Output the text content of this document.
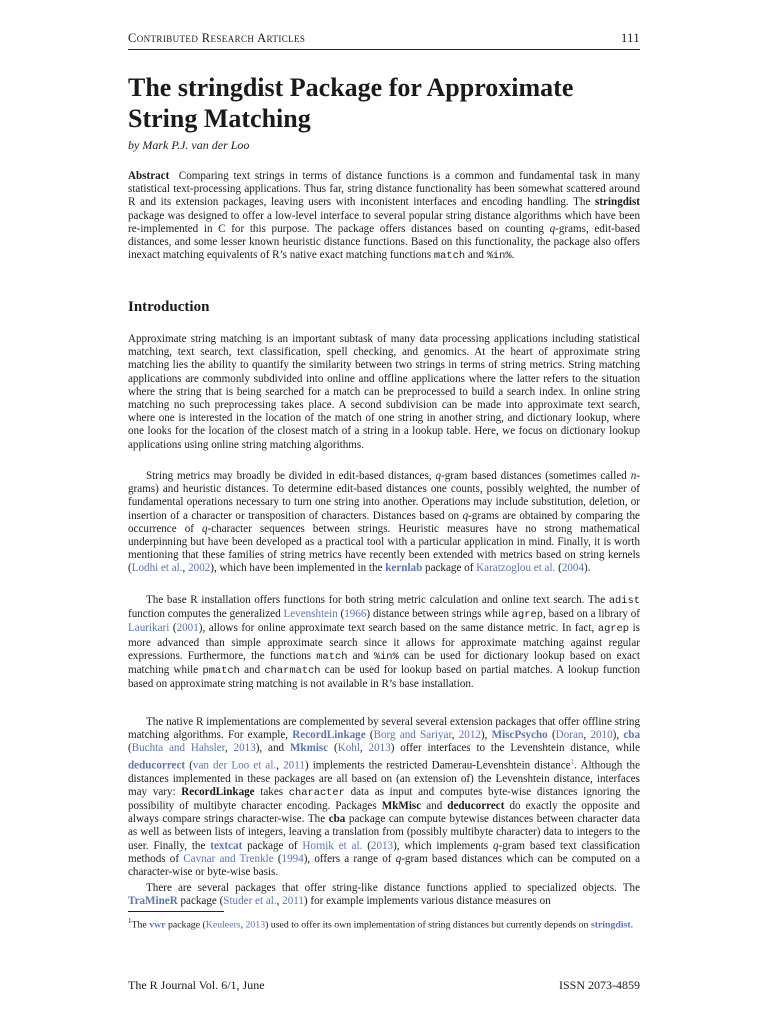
Contributed Research Articles	111
The stringdist Package for Approximate String Matching
by Mark P.J. van der Loo
Abstract Comparing text strings in terms of distance functions is a common and fundamental task in many statistical text-processing applications. Thus far, string distance functionality has been somewhat scattered around R and its extension packages, leaving users with inconistent interfaces and encoding handling. The stringdist package was designed to offer a low-level interface to several popular string distance algorithms which have been re-implemented in C for this purpose. The package offers distances based on counting q-grams, edit-based distances, and some lesser known heuristic distance functions. Based on this functionality, the package also offers inexact matching equivalents of R’s native exact matching functions match and %in%.
Introduction

Approximate string matching is an important subtask of many data processing applications including statistical matching, text search, text classification, spell checking, and genomics. At the heart of approximate string matching lies the ability to quantify the similarity between two strings in terms of string metrics. String matching applications are commonly subdivided into online and offline applications where the latter refers to the situation where the string that is being searched for a match can be preprocessed to build a search index. In online string matching no such preprocessing takes place. A second subdivision can be made into approximate text search, where one is interested in the location of the match of one string in another string, and dictionary lookup, where one looks for the location of the closest match of a string in a lookup table. Here, we focus on dictionary lookup applications using online string matching algorithms.

String metrics may broadly be divided in edit-based distances, q-gram based distances (sometimes called n-grams) and heuristic distances. To determine edit-based distances one counts, possibly weighted, the number of fundamental operations necessary to turn one string into another. Operations may include substitution, deletion, or insertion of a character or transposition of characters. Distances based on q-grams are obtained by comparing the occurrence of q-character sequences between strings. Heuristic measures have no strong mathematical underpinning but have been developed as a practical tool with a particular application in mind. Finally, it is worth mentioning that these families of string metrics have recently been extended with metrics based on string kernels (Lodhi et al., 2002), which have been implemented in the kernlab package of Karatzoglou et al. (2004).

The base R installation offers functions for both string metric calculation and online text search. The adist function computes the generalized Levenshtein (1966) distance between strings while agrep, based on a library of Laurikari (2001), allows for online approximate text search based on the same distance metric. In fact, agrep is more advanced than simple approximate search since it allows for approximate matching against regular expressions. Furthermore, the functions match and %in% can be used for dictionary lookup based on exact matching while pmatch and charmatch can be used for lookup based on partial matches. A lookup function based on approximate string matching is not available in R’s base installation.

The native R implementations are complemented by several several extension packages that offer offline string matching algorithms. For example, RecordLinkage (Borg and Sariyar, 2012), MiscPsycho (Doran, 2010), cba (Buchta and Hahsler, 2013), and Mkmisc (Kohl, 2013) offer interfaces to the Levenshtein distance, while deducorrect (van der Loo et al., 2011) implements the restricted Damerau-Levenshtein distance$^1$. Although the distances implemented in these packages are all based on (an extension of) the Levenshtein distance, interfaces may vary: RecordLinkage takes character data as input and computes byte-wise distances ignoring the possibility of multibyte character encoding. Packages MkMisc and deducorrect do exactly the opposite and always compare strings character-wise. The cba package can compute bytewise distances between character data as well as between lists of integers, leaving a translation from (possibly multibyte character) data to integers to the user. Finally, the textcat package of Hornik et al. (2013), which implements q-gram based text classification methods of Cavnar and Trenkle (1994), offers a range of q-gram based distances which can be computed on a character-wise or byte-wise basis.

There are several packages that offer string-like distance functions applied to specialized objects. The TraMineR package (Studer et al., 2011) for example implements various distance measures on

$^1$The vwr package (Keuleers, 2013) used to offer its own implementation of string distances but currently depends on stringdist.
The R Journal Vol. 6/1, June	ISSN 2073-4859
